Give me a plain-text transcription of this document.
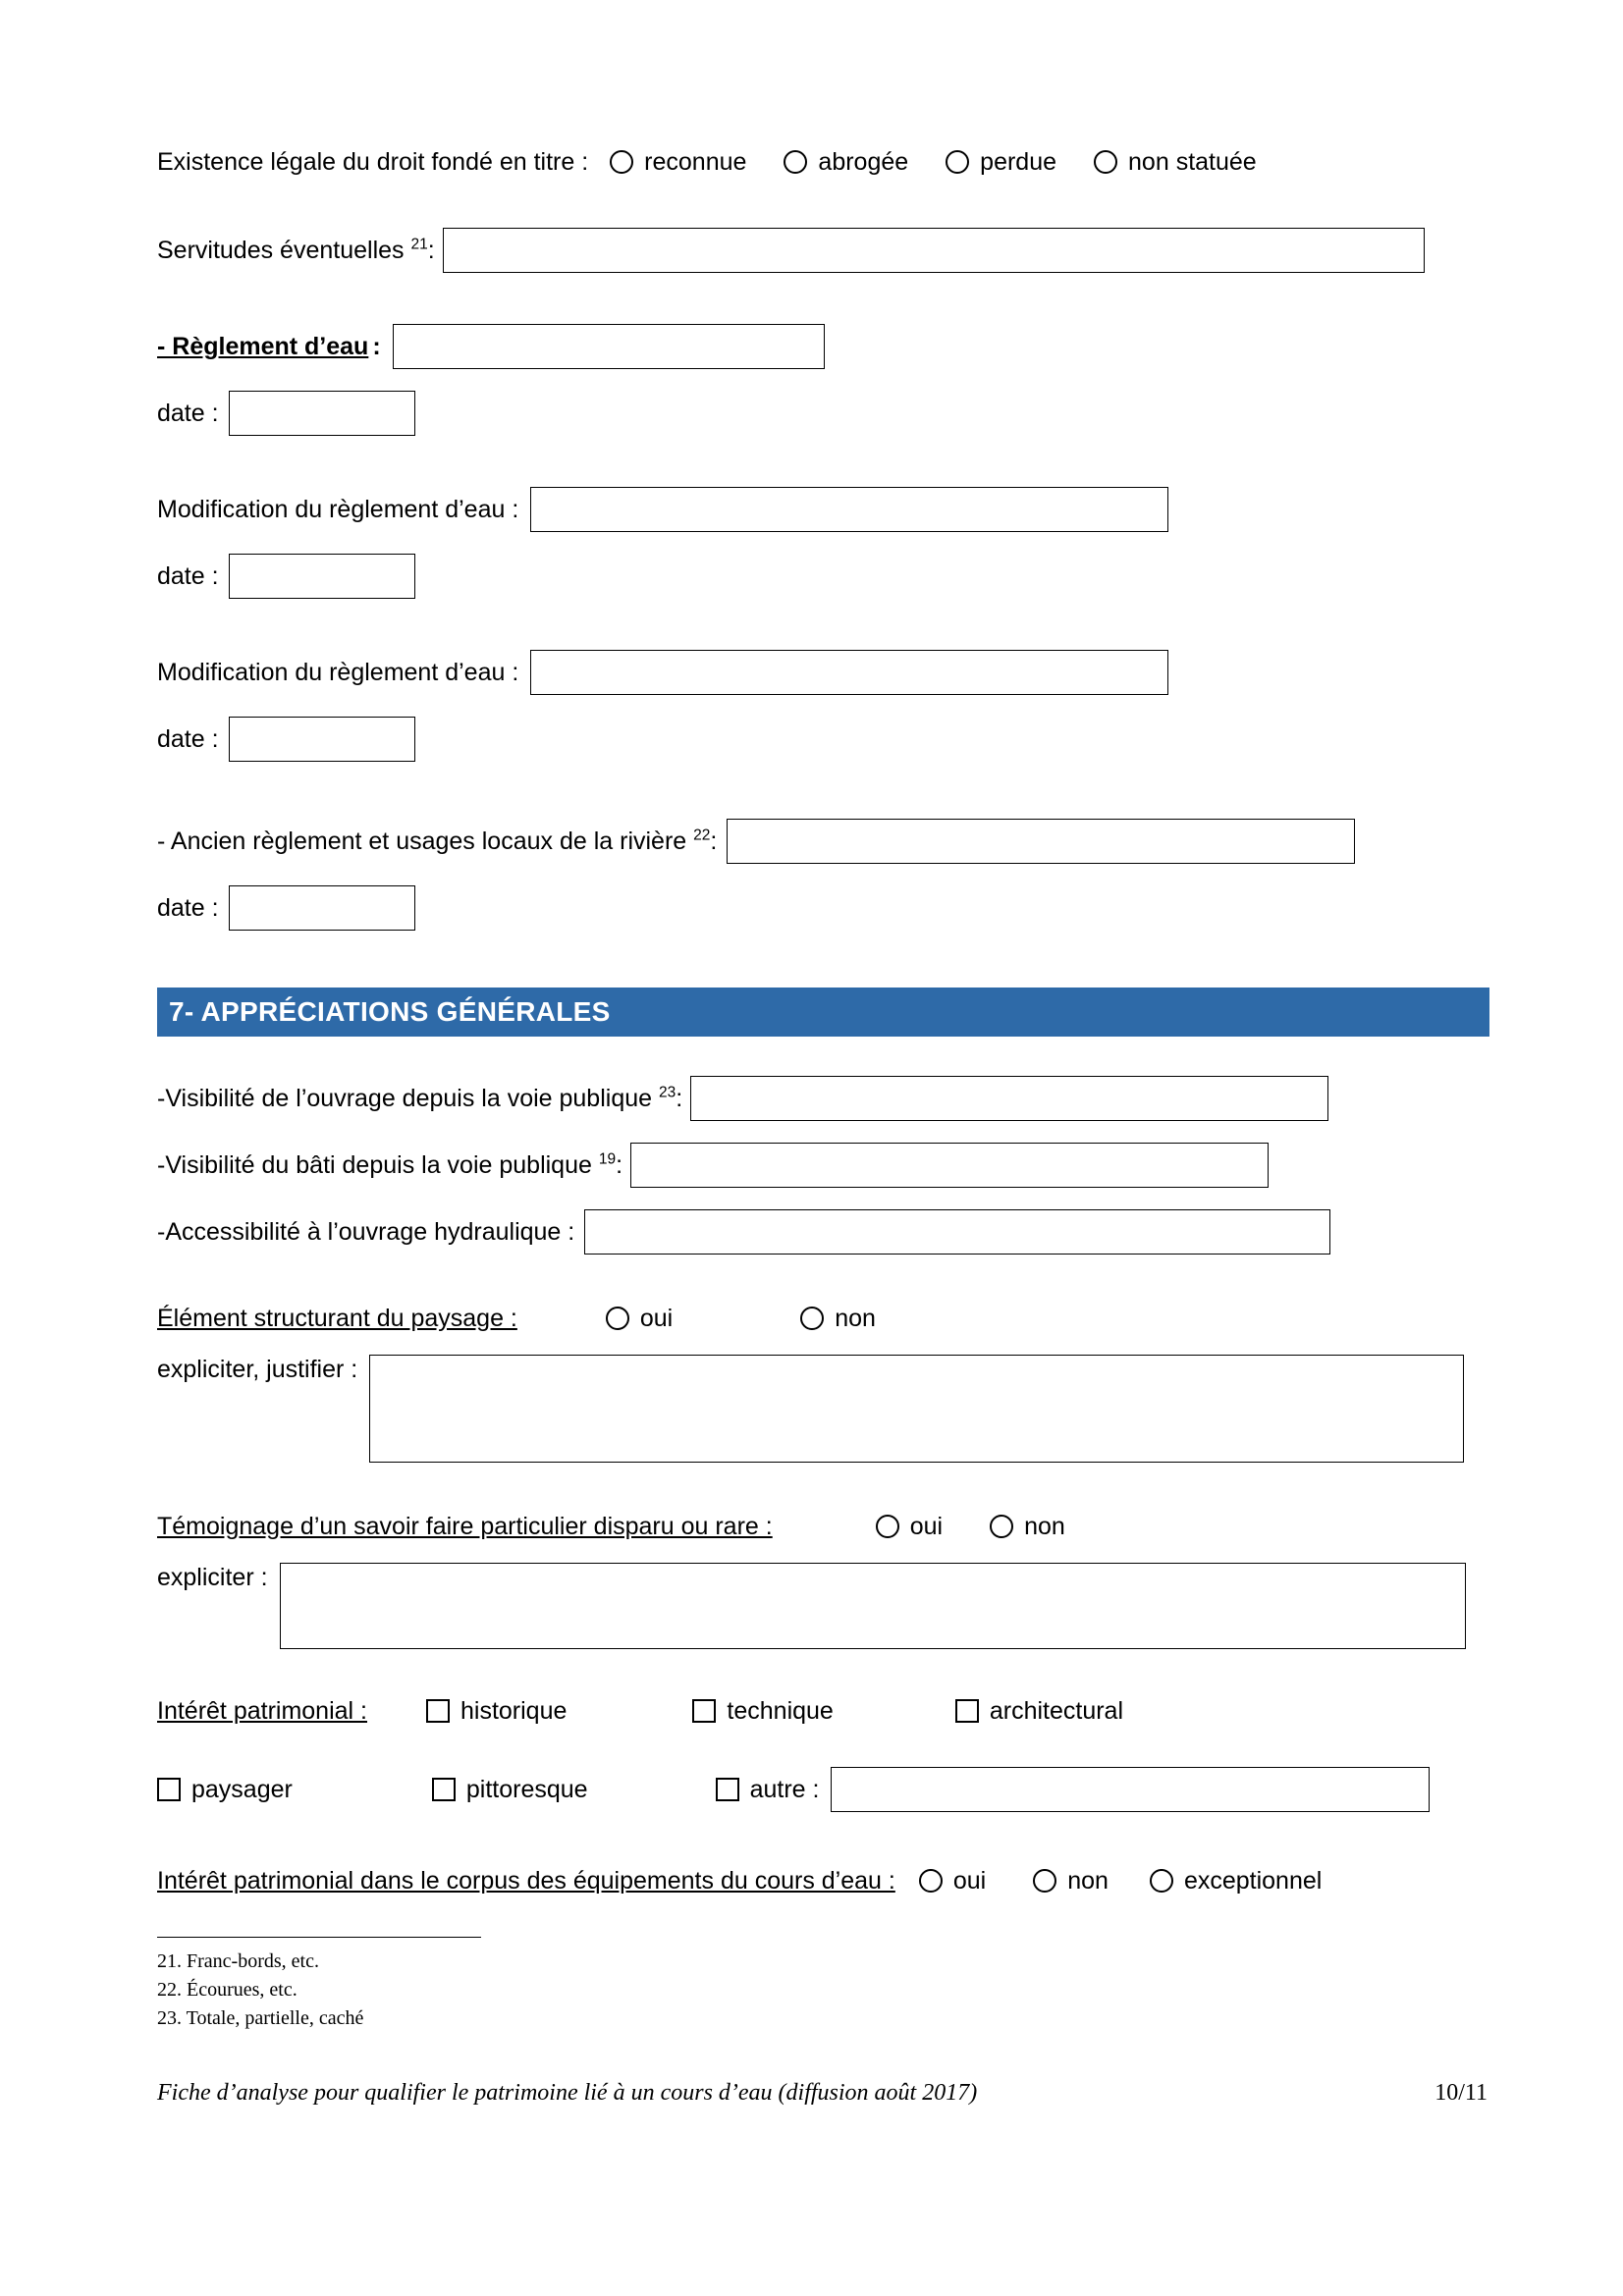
Existence légale du droit fondé en titre : reconnue	abrogée	perdue	non statuée
Servitudes éventuelles $^{21}$:
- Règlement d’eau :
date :
Modification du règlement d’eau :
date :
Modification du règlement d’eau :
date :
- Ancien règlement et usages locaux de la rivière $^{22}$:
date :
7- APPRÉCIATIONS GÉNÉRALES
-Visibilité de l’ouvrage depuis la voie publique $^{23}$:
-Visibilité du bâti depuis la voie publique $^{19}$:
-Accessibilité à l’ouvrage hydraulique :
Élément structurant du paysage :	oui	non
expliciter, justifier :
Témoignage d’un savoir faire particulier disparu ou rare :	oui	non
expliciter :
Intérêt patrimonial :	historique	technique	architectural
paysager	pittoresque	autre :
Intérêt patrimonial dans le corpus des équipements du cours d’eau : oui	non	exceptionnel
21. Franc-bords, etc.
22. Écourues, etc.
23. Totale, partielle, caché
Fiche d’analyse pour qualifier le patrimoine lié à un cours d’eau (diffusion août 2017)	10/11
